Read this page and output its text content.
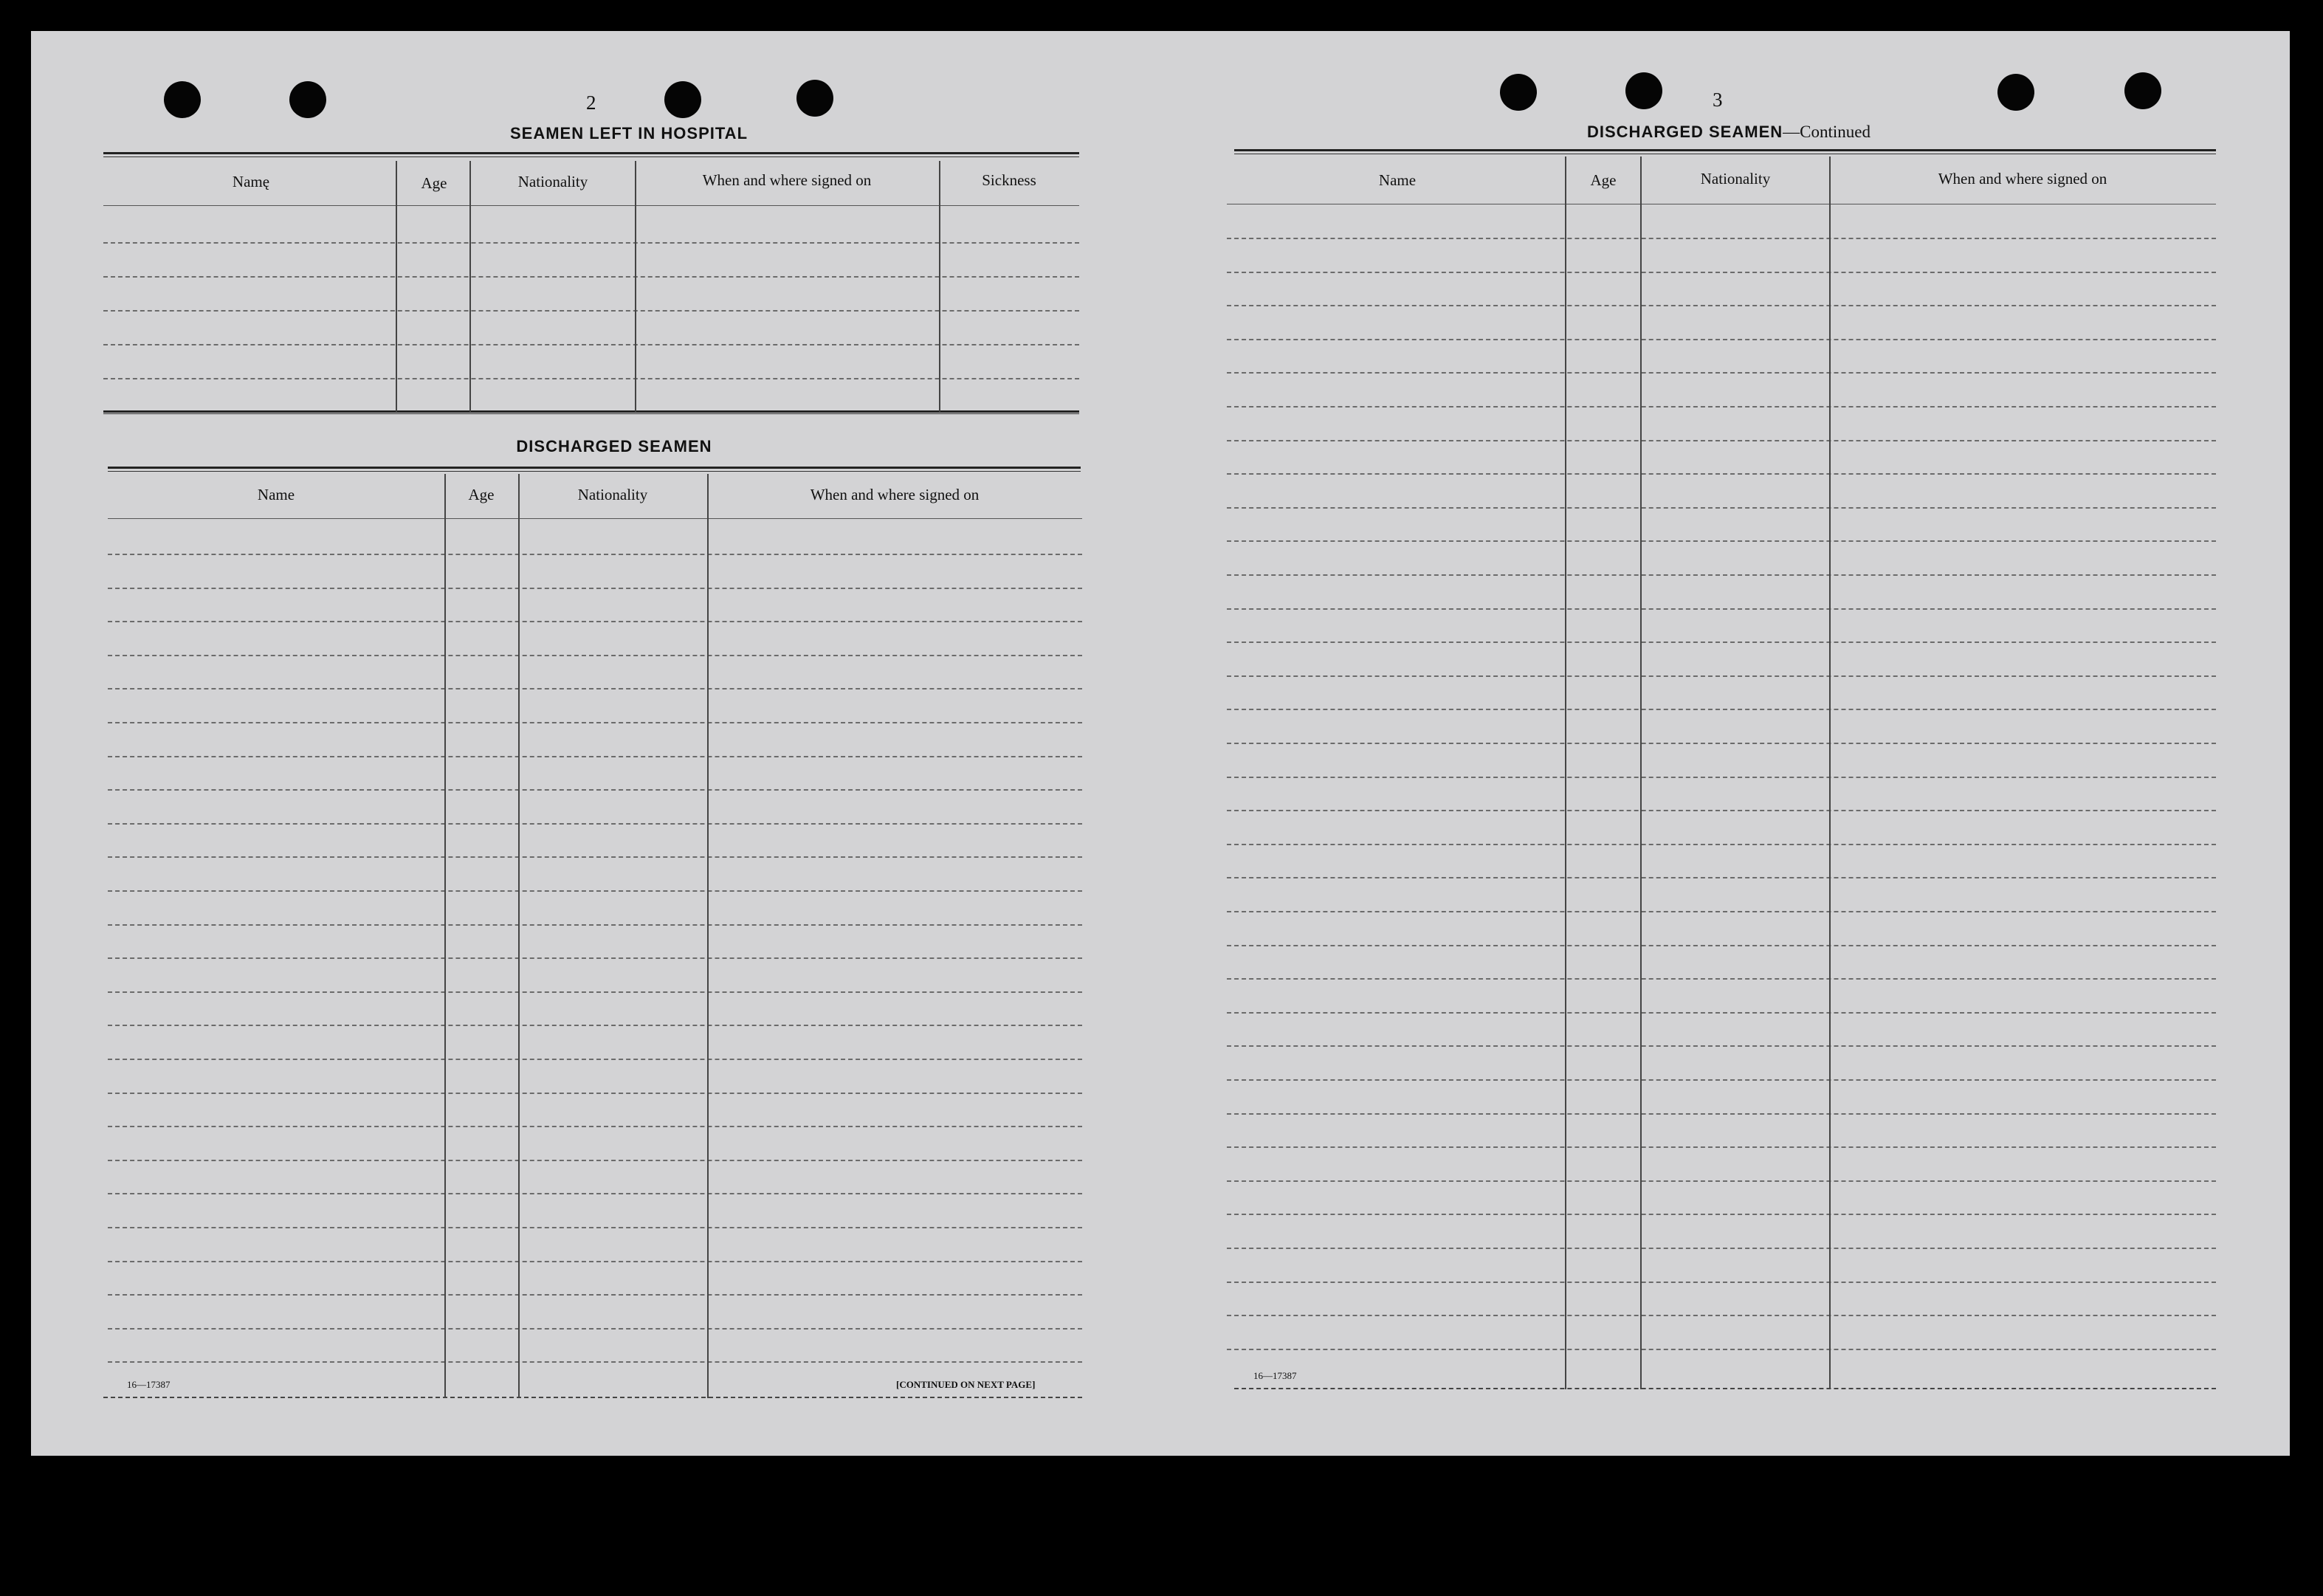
2
SEAMEN LEFT IN HOSPITAL
Namę	Age	Nationality	When and where signed on	Sickness
DISCHARGED SEAMEN
Name	Age	Nationality	When and where signed on
16—17387	[CONTINUED ON NEXT PAGE]
3
DISCHARGED SEAMEN—Continued
Name	Age	Nationality	When and where signed on
16—17387
